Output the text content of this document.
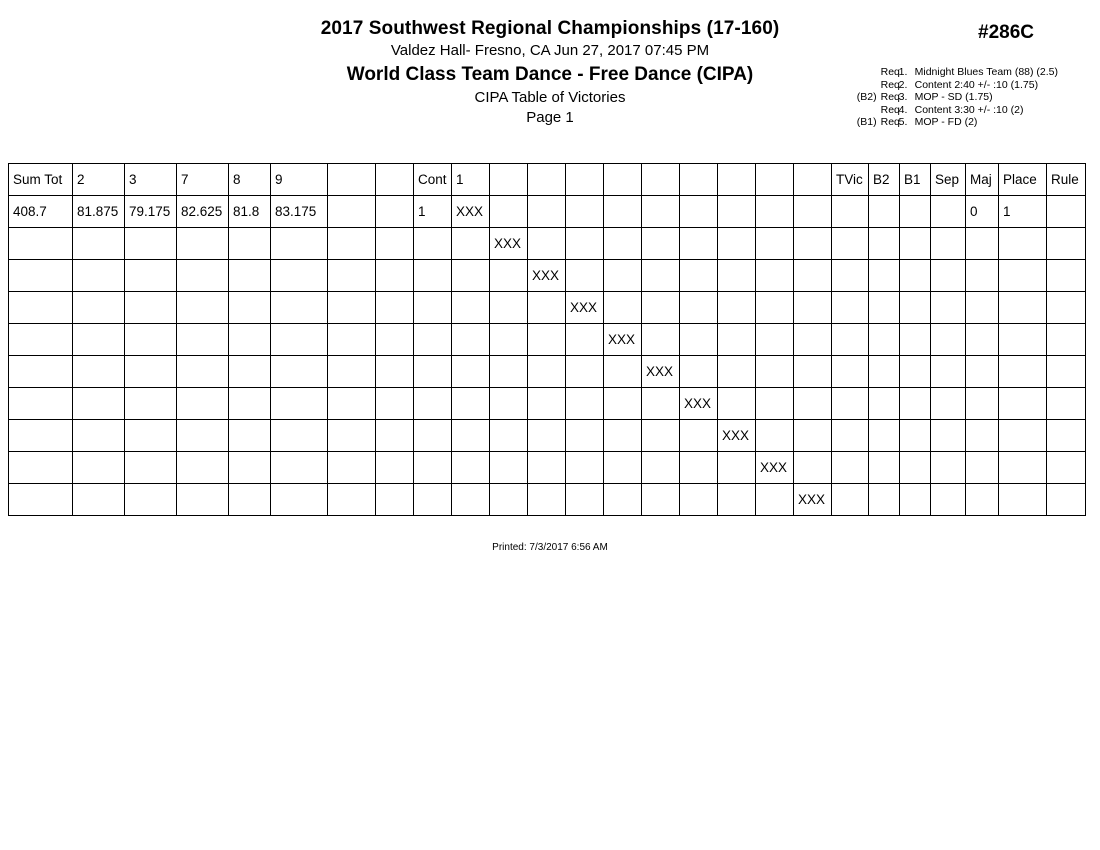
2017 Southwest Regional Championships (17-160)
Valdez Hall- Fresno, CA Jun 27, 2017 07:45 PM
World Class Team Dance - Free Dance (CIPA)
CIPA Table of Victories
Page 1
#286C
Req
1. Midnight Blues Team (88) (2.5)
Req
2. Content 2:40 +/- :10 (1.75)
(B2) Req
3. MOP - SD (1.75)
Req
4. Content 3:30 +/- :10 (2)
(B1) Req
5. MOP - FD (2)
Sum Tot	2	3	7	8	9			Cont	1										TVic	B2	B1	Sep	Maj	Place	Rule
408.7	81.875	79.175	82.625	81.8	83.175			1	XXX														0	1	
										XXX															
											XXX														
												XXX													
													XXX												
														XXX											
															XXX										
																XXX									
																	XXX								
																		XXX							
Printed: 7/3/2017 6:56 AM
